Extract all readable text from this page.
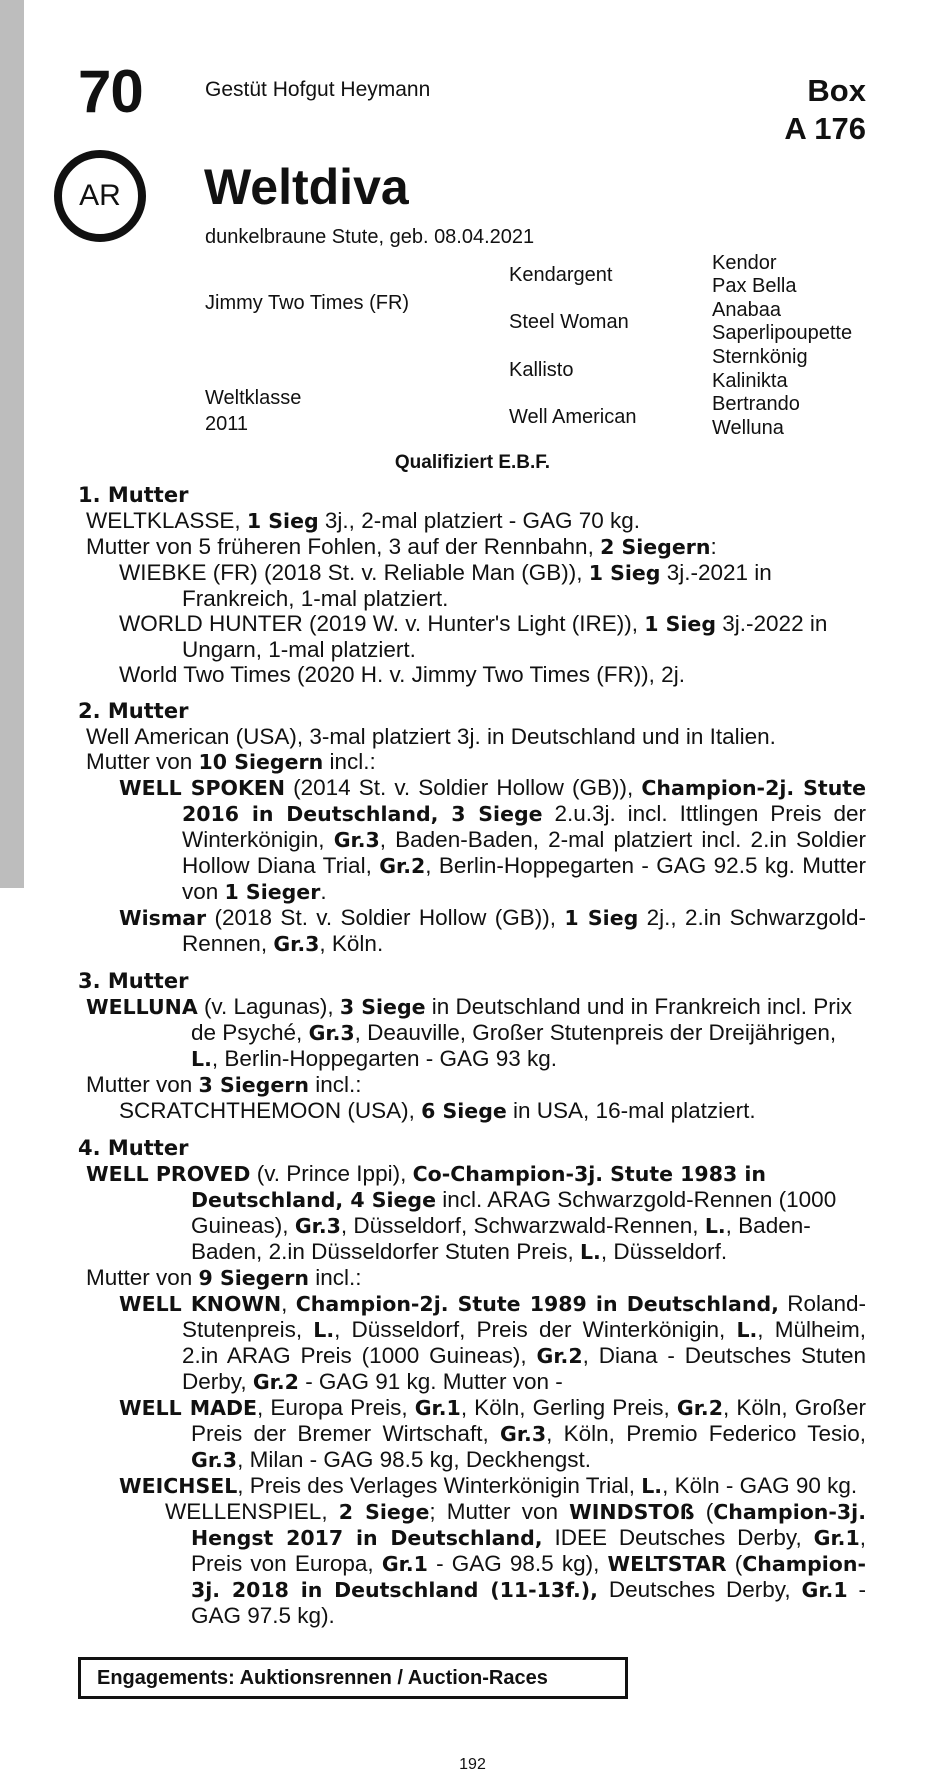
70
AR
Gestüt Hofgut Heymann	Box
A 176
Weltdiva
dunkelbraune Stute, geb. 08.04.2021
Jimmy Two Times (FR)
Weltklasse
2011
Kendargent
Steel Woman
Kallisto
Well American
Kendor
Pax Bella
Anabaa
Saperlipoupette
Sternkönig
Kalinikta
Bertrando
Welluna
Qualifiziert E.B.F.
1. Mutter

WELTKLASSE, 1 Sieg 3j., 2-mal platziert - GAG 70 kg.

Mutter von 5 früheren Fohlen, 3 auf der Rennbahn, 2 Siegern:

WIEBKE (FR) (2018 St. v. Reliable Man (GB)), 1 Sieg 3j.-2021 in Frankreich, 1-mal platziert.

WORLD HUNTER (2019 W. v. Hunter's Light (IRE)), 1 Sieg 3j.-2022 in Ungarn, 1-mal platziert.

World Two Times (2020 H. v. Jimmy Two Times (FR)), 2j.

2. Mutter

Well American (USA), 3-mal platziert 3j. in Deutschland und in Italien.

Mutter von 10 Siegern incl.:

WELL SPOKEN (2014 St. v. Soldier Hollow (GB)), Champion-2j. Stute 2016 in Deutschland, 3 Siege 2.u.3j. incl. Ittlingen Preis der Winterkönigin, Gr.3, Baden-Baden, 2-mal platziert incl. 2.in Soldier Hollow Diana Trial, Gr.2, Berlin-Hoppegarten - GAG 92.5 kg. Mutter von 1 Sieger.

Wismar (2018 St. v. Soldier Hollow (GB)), 1 Sieg 2j., 2.in Schwarzgold-Rennen, Gr.3, Köln.

3. Mutter

WELLUNA (v. Lagunas), 3 Siege in Deutschland und in Frankreich incl. Prix de Psyché, Gr.3, Deauville, Großer Stutenpreis der Dreijährigen, L., Berlin-Hoppegarten - GAG 93 kg.

Mutter von 3 Siegern incl.:

SCRATCHTHEMOON (USA), 6 Siege in USA, 16-mal platziert.

4. Mutter

WELL PROVED (v. Prince Ippi), Co-Champion-3j. Stute 1983 in Deutschland, 4 Siege incl. ARAG Schwarzgold-Rennen (1000 Guineas), Gr.3, Düsseldorf, Schwarzwald-Rennen, L., Baden-Baden, 2.in Düsseldorfer Stuten Preis, L., Düsseldorf.

Mutter von 9 Siegern incl.:

WELL KNOWN, Champion-2j. Stute 1989 in Deutschland, Roland-Stutenpreis, L., Düsseldorf, Preis der Winterkönigin, L., Mülheim, 2.in ARAG Preis (1000 Guineas), Gr.2, Diana - Deutsches Stuten Derby, Gr.2 - GAG 91 kg. Mutter von -

WELL MADE, Europa Preis, Gr.1, Köln, Gerling Preis, Gr.2, Köln, Großer Preis der Bremer Wirtschaft, Gr.3, Köln, Premio Federico Tesio, Gr.3, Milan - GAG 98.5 kg, Deckhengst.

WEICHSEL, Preis des Verlages Winterkönigin Trial, L., Köln - GAG 90 kg.

WELLENSPIEL, 2 Siege; Mutter von WINDSTOß (Champion-3j. Hengst 2017 in Deutschland, IDEE Deutsches Derby, Gr.1, Preis von Europa, Gr.1 - GAG 98.5 kg), WELTSTAR (Champion-3j. 2018 in Deutschland (11-13f.), Deutsches Derby, Gr.1 - GAG 97.5 kg).

Engagements: Auktionsrennen / Auction-Races
192
